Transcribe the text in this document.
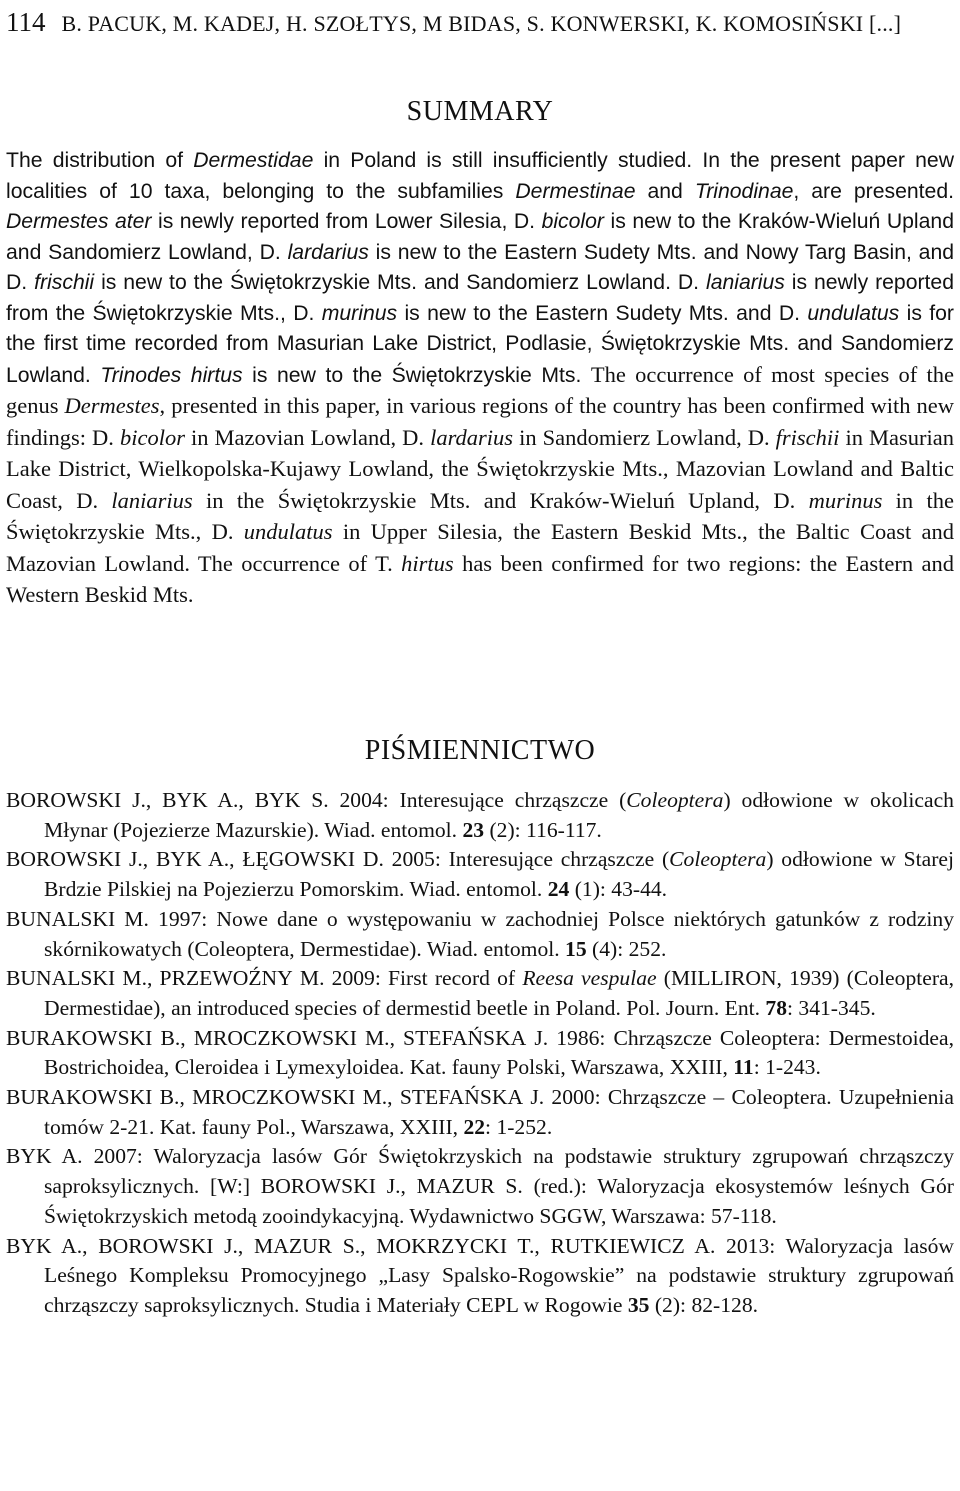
114 B. PACUK, M. KADEJ, H. SZOŁTYS, M BIDAS, S. KONWERSKI, K. KOMOSIŃSKI [...]
SUMMARY

The distribution of Dermestidae in Poland is still insufficiently studied. In the present paper new localities of 10 taxa, belonging to the subfamilies Dermestinae and Trinodinae, are presented. Dermestes ater is newly reported from Lower Silesia, D. bicolor is new to the Kraków-Wieluń Upland and Sandomierz Lowland, D. lardarius is new to the Eastern Sudety Mts. and Nowy Targ Basin, and D. frischii is new to the Świętokrzyskie Mts. and Sandomierz Lowland. D. laniarius is newly reported from the Świętokrzyskie Mts., D. murinus is new to the Eastern Sudety Mts. and D. undulatus is for the first time recorded from Masurian Lake District, Podlasie, Świętokrzyskie Mts. and Sandomierz Lowland. Trinodes hirtus is new to the Świętokrzyskie Mts. The occurrence of most species of the genus Dermestes, presented in this paper, in various regions of the country has been confirmed with new findings: D. bicolor in Mazovian Lowland, D. lardarius in Sandomierz Lowland, D. frischii in Masurian Lake District, Wielkopolska-Kujawy Lowland, the Świętokrzyskie Mts., Mazovian Lowland and Baltic Coast, D. laniarius in the Świętokrzyskie Mts. and Kraków-Wieluń Upland, D. murinus in the Świętokrzyskie Mts., D. undulatus in Upper Silesia, the Eastern Beskid Mts., the Baltic Coast and Mazovian Lowland. The occurrence of T. hirtus has been confirmed for two regions: the Eastern and Western Beskid Mts.

PIŚMIENNICTWO

BOROWSKI J., BYK A., BYK S. 2004: Interesujące chrząszcze (Coleoptera) odłowione w okolicach Młynar (Pojezierze Mazurskie). Wiad. entomol. 23 (2): 116-117.

BOROWSKI J., BYK A., ŁĘGOWSKI D. 2005: Interesujące chrząszcze (Coleoptera) odłowione w Starej Brdzie Pilskiej na Pojezierzu Pomorskim. Wiad. entomol. 24 (1): 43-44.

BUNALSKI M. 1997: Nowe dane o występowaniu w zachodniej Polsce niektórych gatunków z rodziny skórnikowatych (Coleoptera, Dermestidae). Wiad. entomol. 15 (4): 252.

BUNALSKI M., PRZEWOŹNY M. 2009: First record of Reesa vespulae (MILLIRON, 1939) (Coleoptera, Dermestidae), an introduced species of dermestid beetle in Poland. Pol. Journ. Ent. 78: 341-345.

BURAKOWSKI B., MROCZKOWSKI M., STEFAŃSKA J. 1986: Chrząszcze Coleoptera: Dermestoidea, Bostrichoidea, Cleroidea i Lymexyloidea. Kat. fauny Polski, Warszawa, XXIII, 11: 1-243.

BURAKOWSKI B., MROCZKOWSKI M., STEFAŃSKA J. 2000: Chrząszcze – Coleoptera. Uzupełnienia tomów 2-21. Kat. fauny Pol., Warszawa, XXIII, 22: 1-252.

BYK A. 2007: Waloryzacja lasów Gór Świętokrzyskich na podstawie struktury zgrupowań chrząszczy saproksylicznych. [W:] BOROWSKI J., MAZUR S. (red.): Waloryzacja ekosystemów leśnych Gór Świętokrzyskich metodą zooindykacyjną. Wydawnictwo SGGW, Warszawa: 57-118.

BYK A., BOROWSKI J., MAZUR S., MOKRZYCKI T., RUTKIEWICZ A. 2013: Waloryzacja lasów Leśnego Kompleksu Promocyjnego „Lasy Spalsko-Rogowskie” na podstawie struktury zgrupowań chrząszczy saproksylicznych. Studia i Materiały CEPL w Rogowie 35 (2): 82-128.
